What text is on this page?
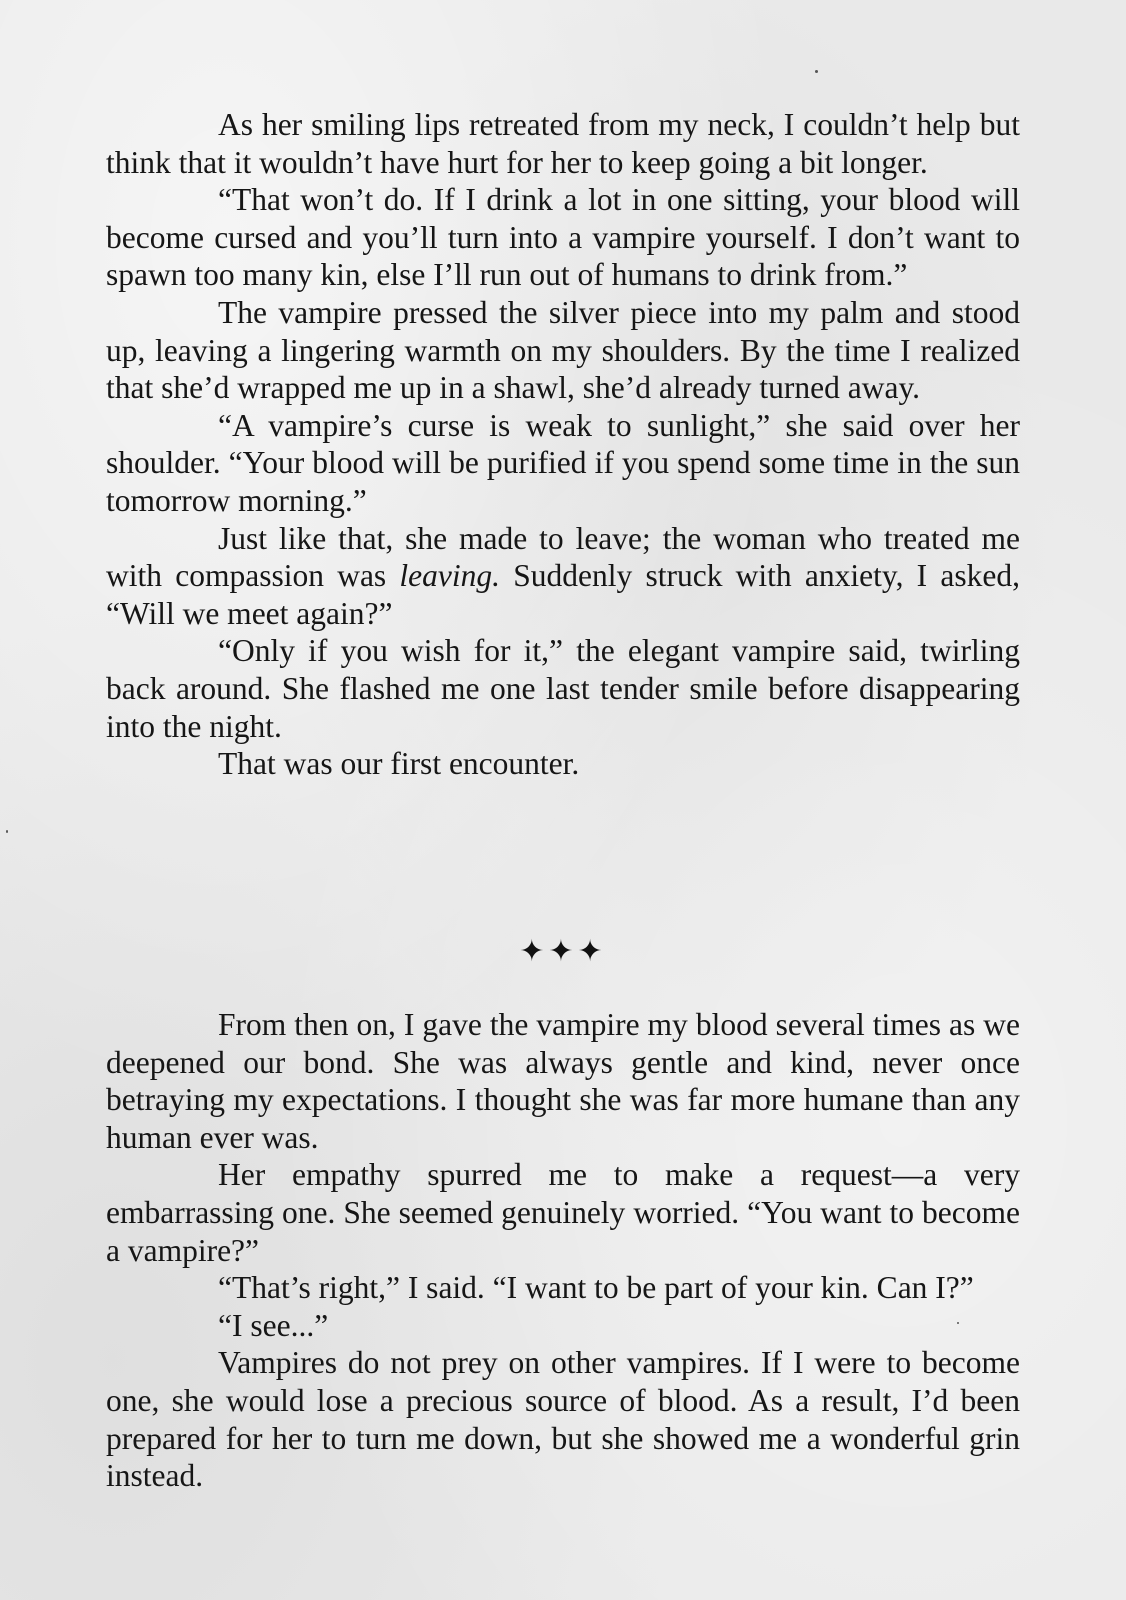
As her smiling lips retreated from my neck, I couldn’t help but think that it wouldn’t have hurt for her to keep going a bit longer.

“That won’t do. If I drink a lot in one sitting, your blood will become cursed and you’ll turn into a vampire yourself. I don’t want to spawn too many kin, else I’ll run out of humans to drink from.”

The vampire pressed the silver piece into my palm and stood up, leaving a lingering warmth on my shoulders. By the time I realized that she’d wrapped me up in a shawl, she’d already turned away.

“A vampire’s curse is weak to sunlight,” she said over her shoulder. “Your blood will be purified if you spend some time in the sun tomorrow morning.”

Just like that, she made to leave; the woman who treated me with compassion was leaving. Suddenly struck with anxiety, I asked, “Will we meet again?”

“Only if you wish for it,” the elegant vampire said, twirling back around. She flashed me one last tender smile before disappearing into the night.

That was our first encounter.

✦✦✦

From then on, I gave the vampire my blood several times as we deepened our bond. She was always gentle and kind, never once betraying my expectations. I thought she was far more humane than any human ever was.

Her empathy spurred me to make a request—a very embarrassing one. She seemed genuinely worried. “You want to become a vampire?”

“That’s right,” I said. “I want to be part of your kin. Can I?”

“I see...”

Vampires do not prey on other vampires. If I were to become one, she would lose a precious source of blood. As a result, I’d been prepared for her to turn me down, but she showed me a wonderful grin instead.
